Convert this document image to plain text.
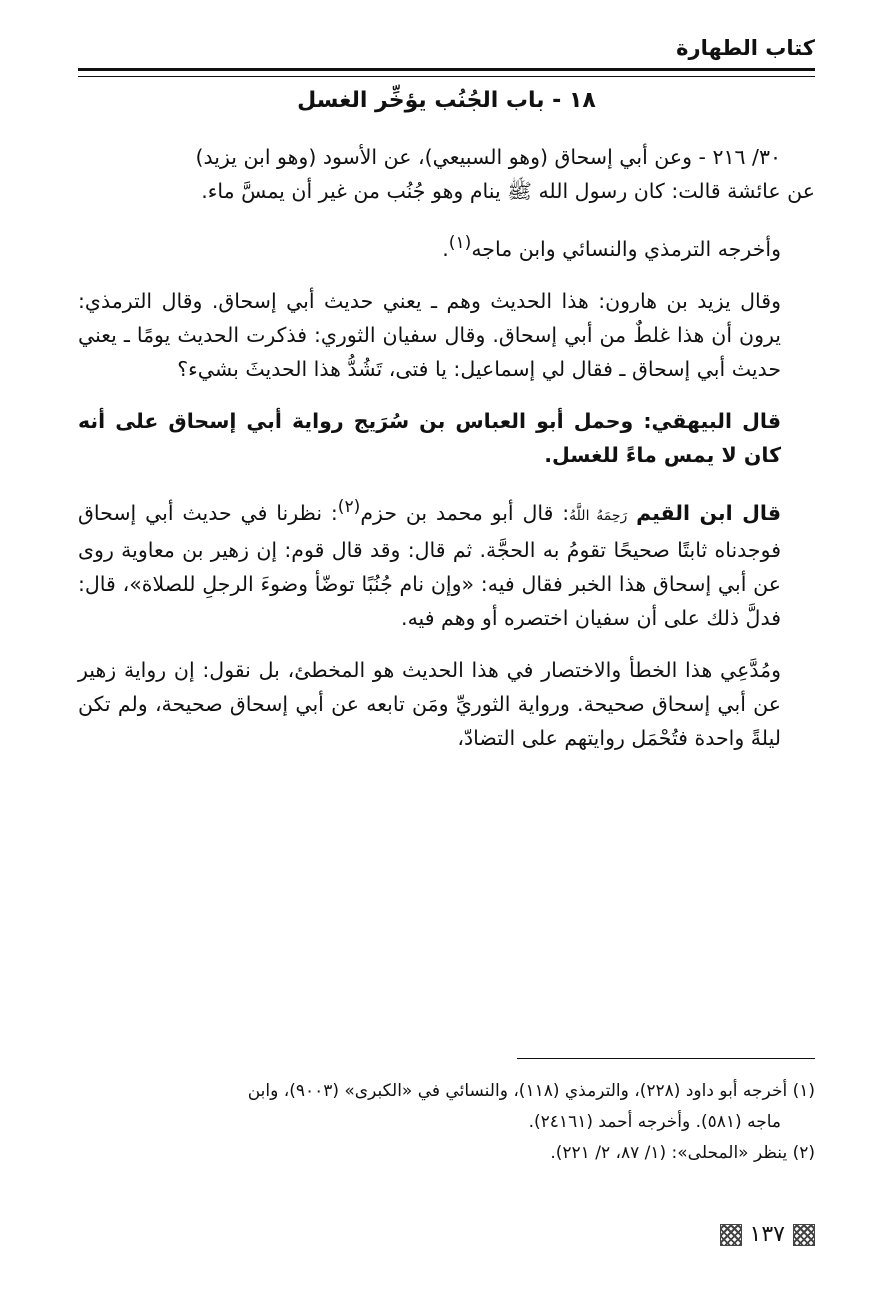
كتاب الطهارة
١٨ - باب الجُنُب يؤخِّر الغسل

٣٠/ ٢١٦ - وعن أبي إسحاق (وهو السبيعي)، عن الأسود (وهو ابن يزيد)

عن عائشة قالت: كان رسول الله ﷺ ينام وهو جُنُب من غير أن يمسَّ ماء.

وأخرجه الترمذي والنسائي وابن ماجه$^{(١)}$.

وقال يزيد بن هارون: هذا الحديث وهم ـ يعني حديث أبي إسحاق. وقال الترمذي: يرون أن هذا غلطٌ من أبي إسحاق. وقال سفيان الثوري: فذكرت الحديث يومًا ـ يعني حديث أبي إسحاق ـ فقال لي إسماعيل: يا فتى، تَشُدُّ هذا الحديثَ بشيء؟

قال البيهقي: وحمل أبو العباس بن سُرَيج رواية أبي إسحاق على أنه كان لا يمس ماءً للغسل.

قال ابن القيم رَحِمَهُ اللَّهُ: قال أبو محمد بن حزم$^{(٢)}$: نظرنا في حديث أبي إسحاق فوجدناه ثابتًا صحيحًا تقومُ به الحجَّة. ثم قال: وقد قال قوم: إن زهير بن معاوية روى عن أبي إسحاق هذا الخبر فقال فيه: «وإن نام جُنُبًا توضّأ وضوءَ الرجلِ للصلاة»، قال: فدلَّ ذلك على أن سفيان اختصره أو وهم فيه.

ومُدَّعِي هذا الخطأ والاختصار في هذا الحديث هو المخطئ، بل نقول: إن رواية زهير عن أبي إسحاق صحيحة. ورواية الثوريِّ ومَن تابعه عن أبي إسحاق صحيحة، ولم تكن ليلةً واحدة فتُحْمَل روايتهم على التضادّ،

(١) أخرجه أبو داود (٢٢٨)، والترمذي (١١٨)، والنسائي في «الكبرى» (٩٠٠٣)، وابن

ماجه (٥٨١). وأخرجه أحمد (٢٤١٦١).

(٢) ينظر «المحلى»: (١/ ٨٧، ٢/ ٢٢١).

١٣٧
